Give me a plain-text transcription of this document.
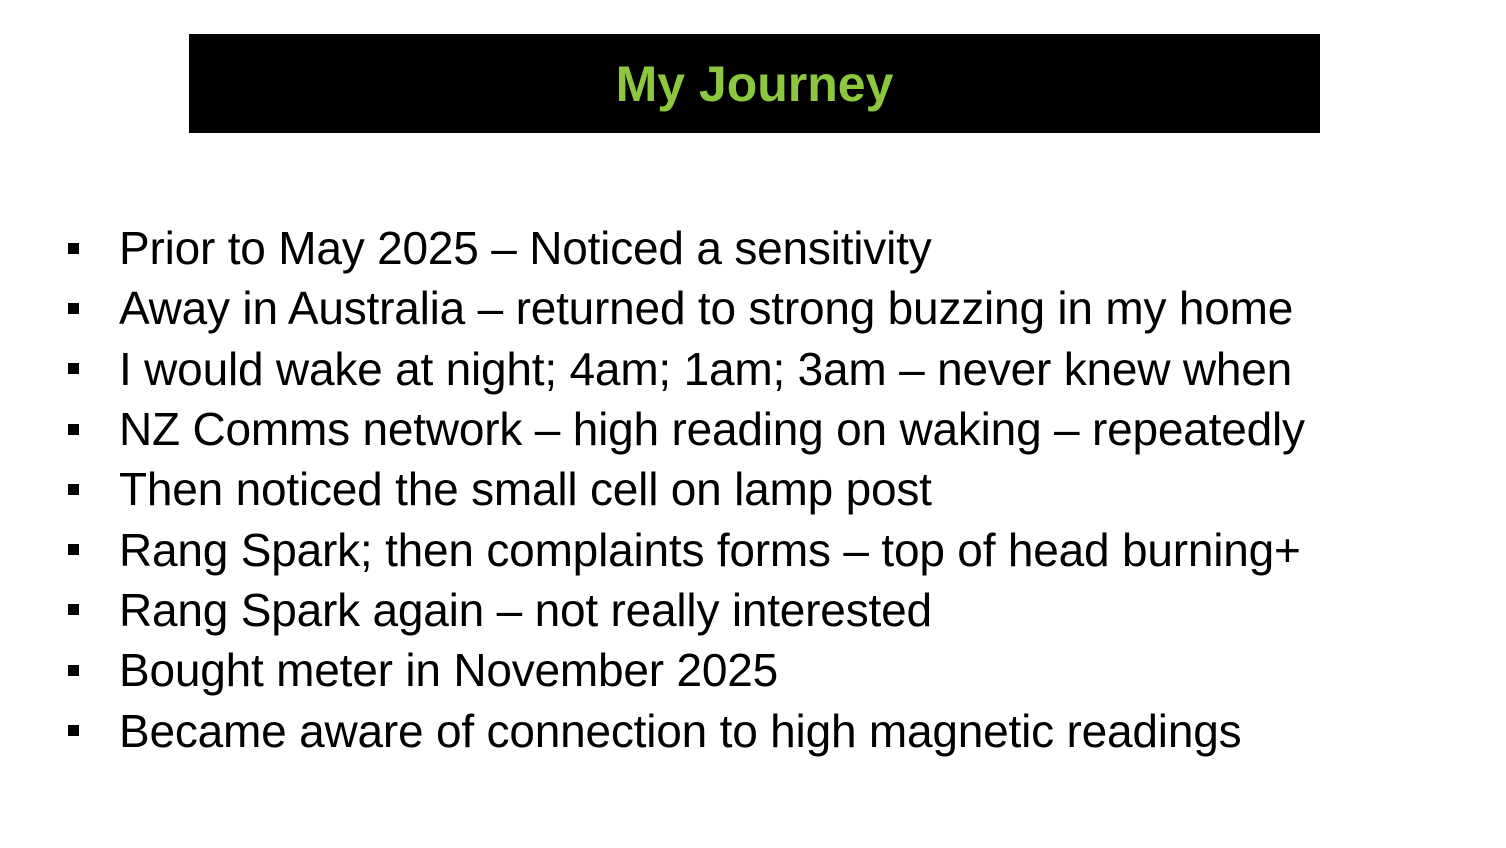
My Journey
Prior to May 2025 – Noticed a sensitivity
Away in Australia – returned to strong buzzing in my home
I would wake at night; 4am; 1am; 3am – never knew when
NZ Comms network – high reading on waking – repeatedly
Then noticed the small cell on lamp post
Rang Spark; then complaints forms – top of head burning+
Rang Spark again – not really interested
Bought meter in November 2025
Became aware of connection to high magnetic readings
